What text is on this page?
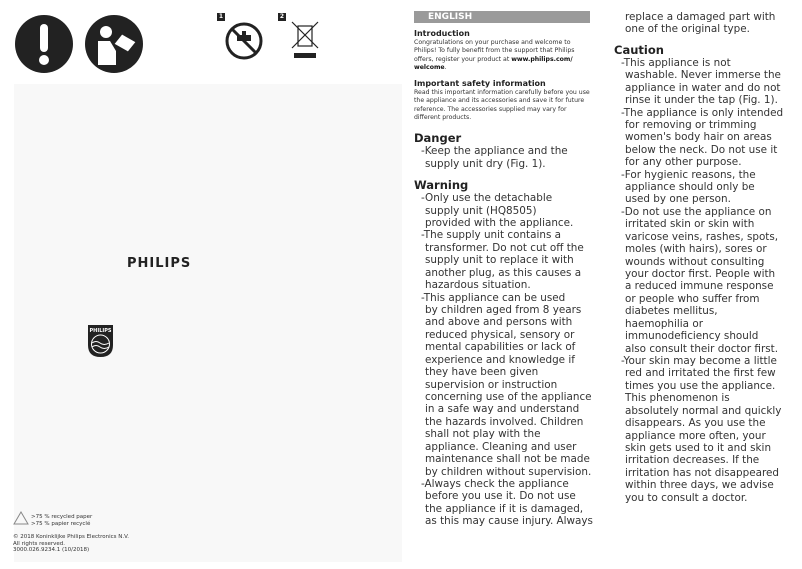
1	2
PHILIPS
PHILIPS
>75 % recycled paper
>75 % papier recyclé
© 2018 Koninklijke Philips Electronics N.V.
All rights reserved.
3000.026.9234.1 (10/2018)
ENGLISH
Introduction
Congratulations on your purchase and welcome to Philips! To fully benefit from the support that Philips offers, register your product at www.philips.com/ welcome.
Important safety information
Read this important information carefully before you use the appliance and its accessories and save it for future reference. The accessories supplied may vary for different products.
Danger
-Keep the appliance and the
supply unit dry (Fig. 1).
Warning
-Only use the detachable
supply unit (HQ8505)
provided with the appliance.
-The supply unit contains a
transformer. Do not cut off the
supply unit to replace it with
another plug, as this causes a
hazardous situation.
-This appliance can be used
by children aged from 8 years
and above and persons with
reduced physical, sensory or
mental capabilities or lack of
experience and knowledge if
they have been given
supervision or instruction
concerning use of the appliance
in a safe way and understand
the hazards involved. Children
shall not play with the
appliance. Cleaning and user
maintenance shall not be made
by children without supervision.
-Always check the appliance
before you use it. Do not use
the appliance if it is damaged,
as this may cause injury. Always
replace a damaged part with
one of the original type.
Caution
-This appliance is not
washable. Never immerse the
appliance in water and do not
rinse it under the tap (Fig. 1).
-The appliance is only intended
for removing or trimming
women's body hair on areas
below the neck. Do not use it
for any other purpose.
-For hygienic reasons, the
appliance should only be
used by one person.
-Do not use the appliance on
irritated skin or skin with
varicose veins, rashes, spots,
moles (with hairs), sores or
wounds without consulting
your doctor first. People with
a reduced immune response
or people who suffer from
diabetes mellitus,
haemophilia or
immunodeficiency should
also consult their doctor first.
-Your skin may become a little
red and irritated the first few
times you use the appliance.
This phenomenon is
absolutely normal and quickly
disappears. As you use the
appliance more often, your
skin gets used to it and skin
irritation decreases. If the
irritation has not disappeared
within three days, we advise
you to consult a doctor.
